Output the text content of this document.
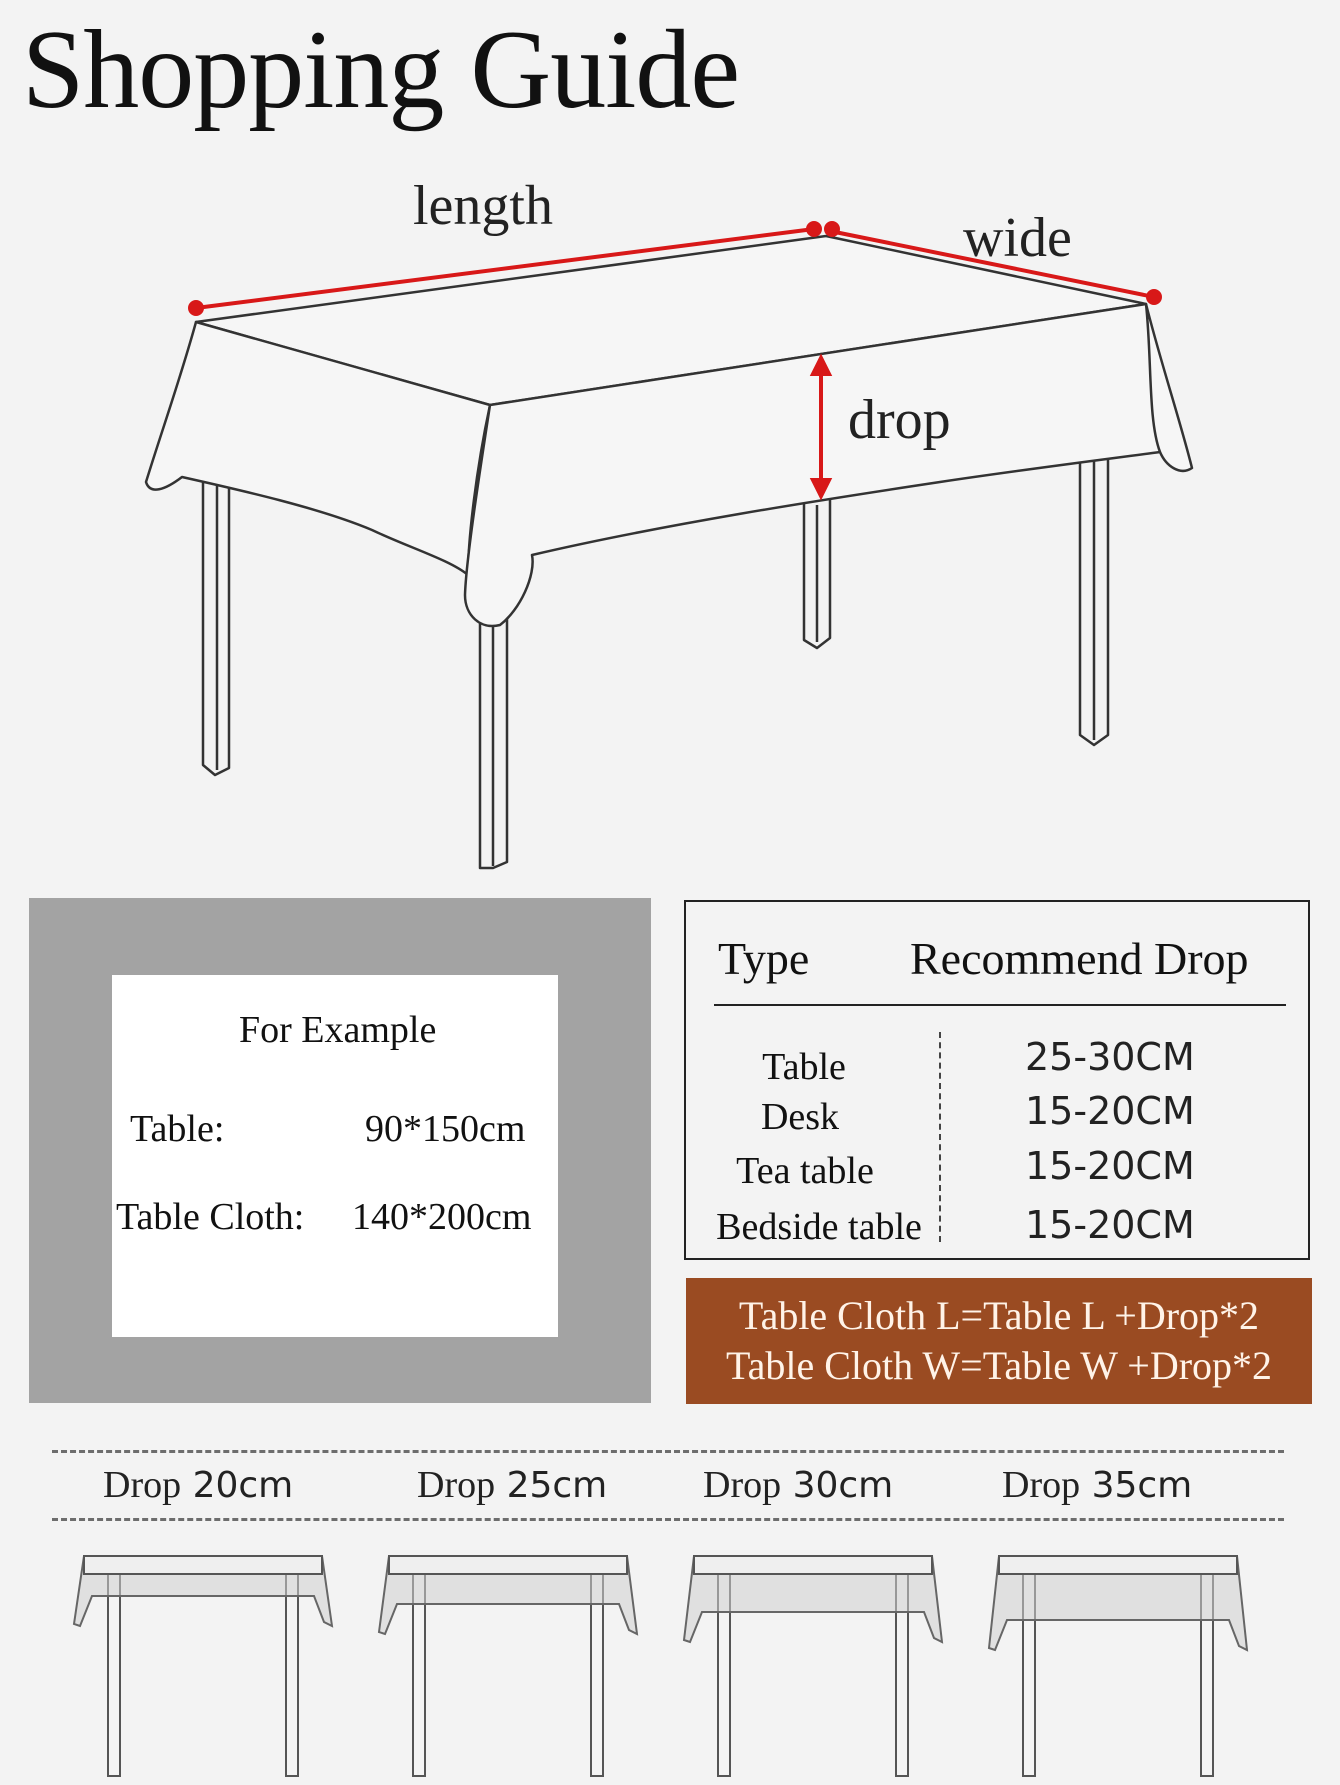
Shopping Guide
length
wide
drop
For Example
Table:	90*150cm
Table Cloth: 140*200cm
Type Recommend Drop
Table	25-30CM
Desk	15-20CM
Tea table	15-20CM
Bedside table	15-20CM
Table Cloth L=Table L +Drop*2
Table Cloth W=Table W +Drop*2
Drop 20cm	Drop 25cm	Drop 30cm	Drop 35cm
